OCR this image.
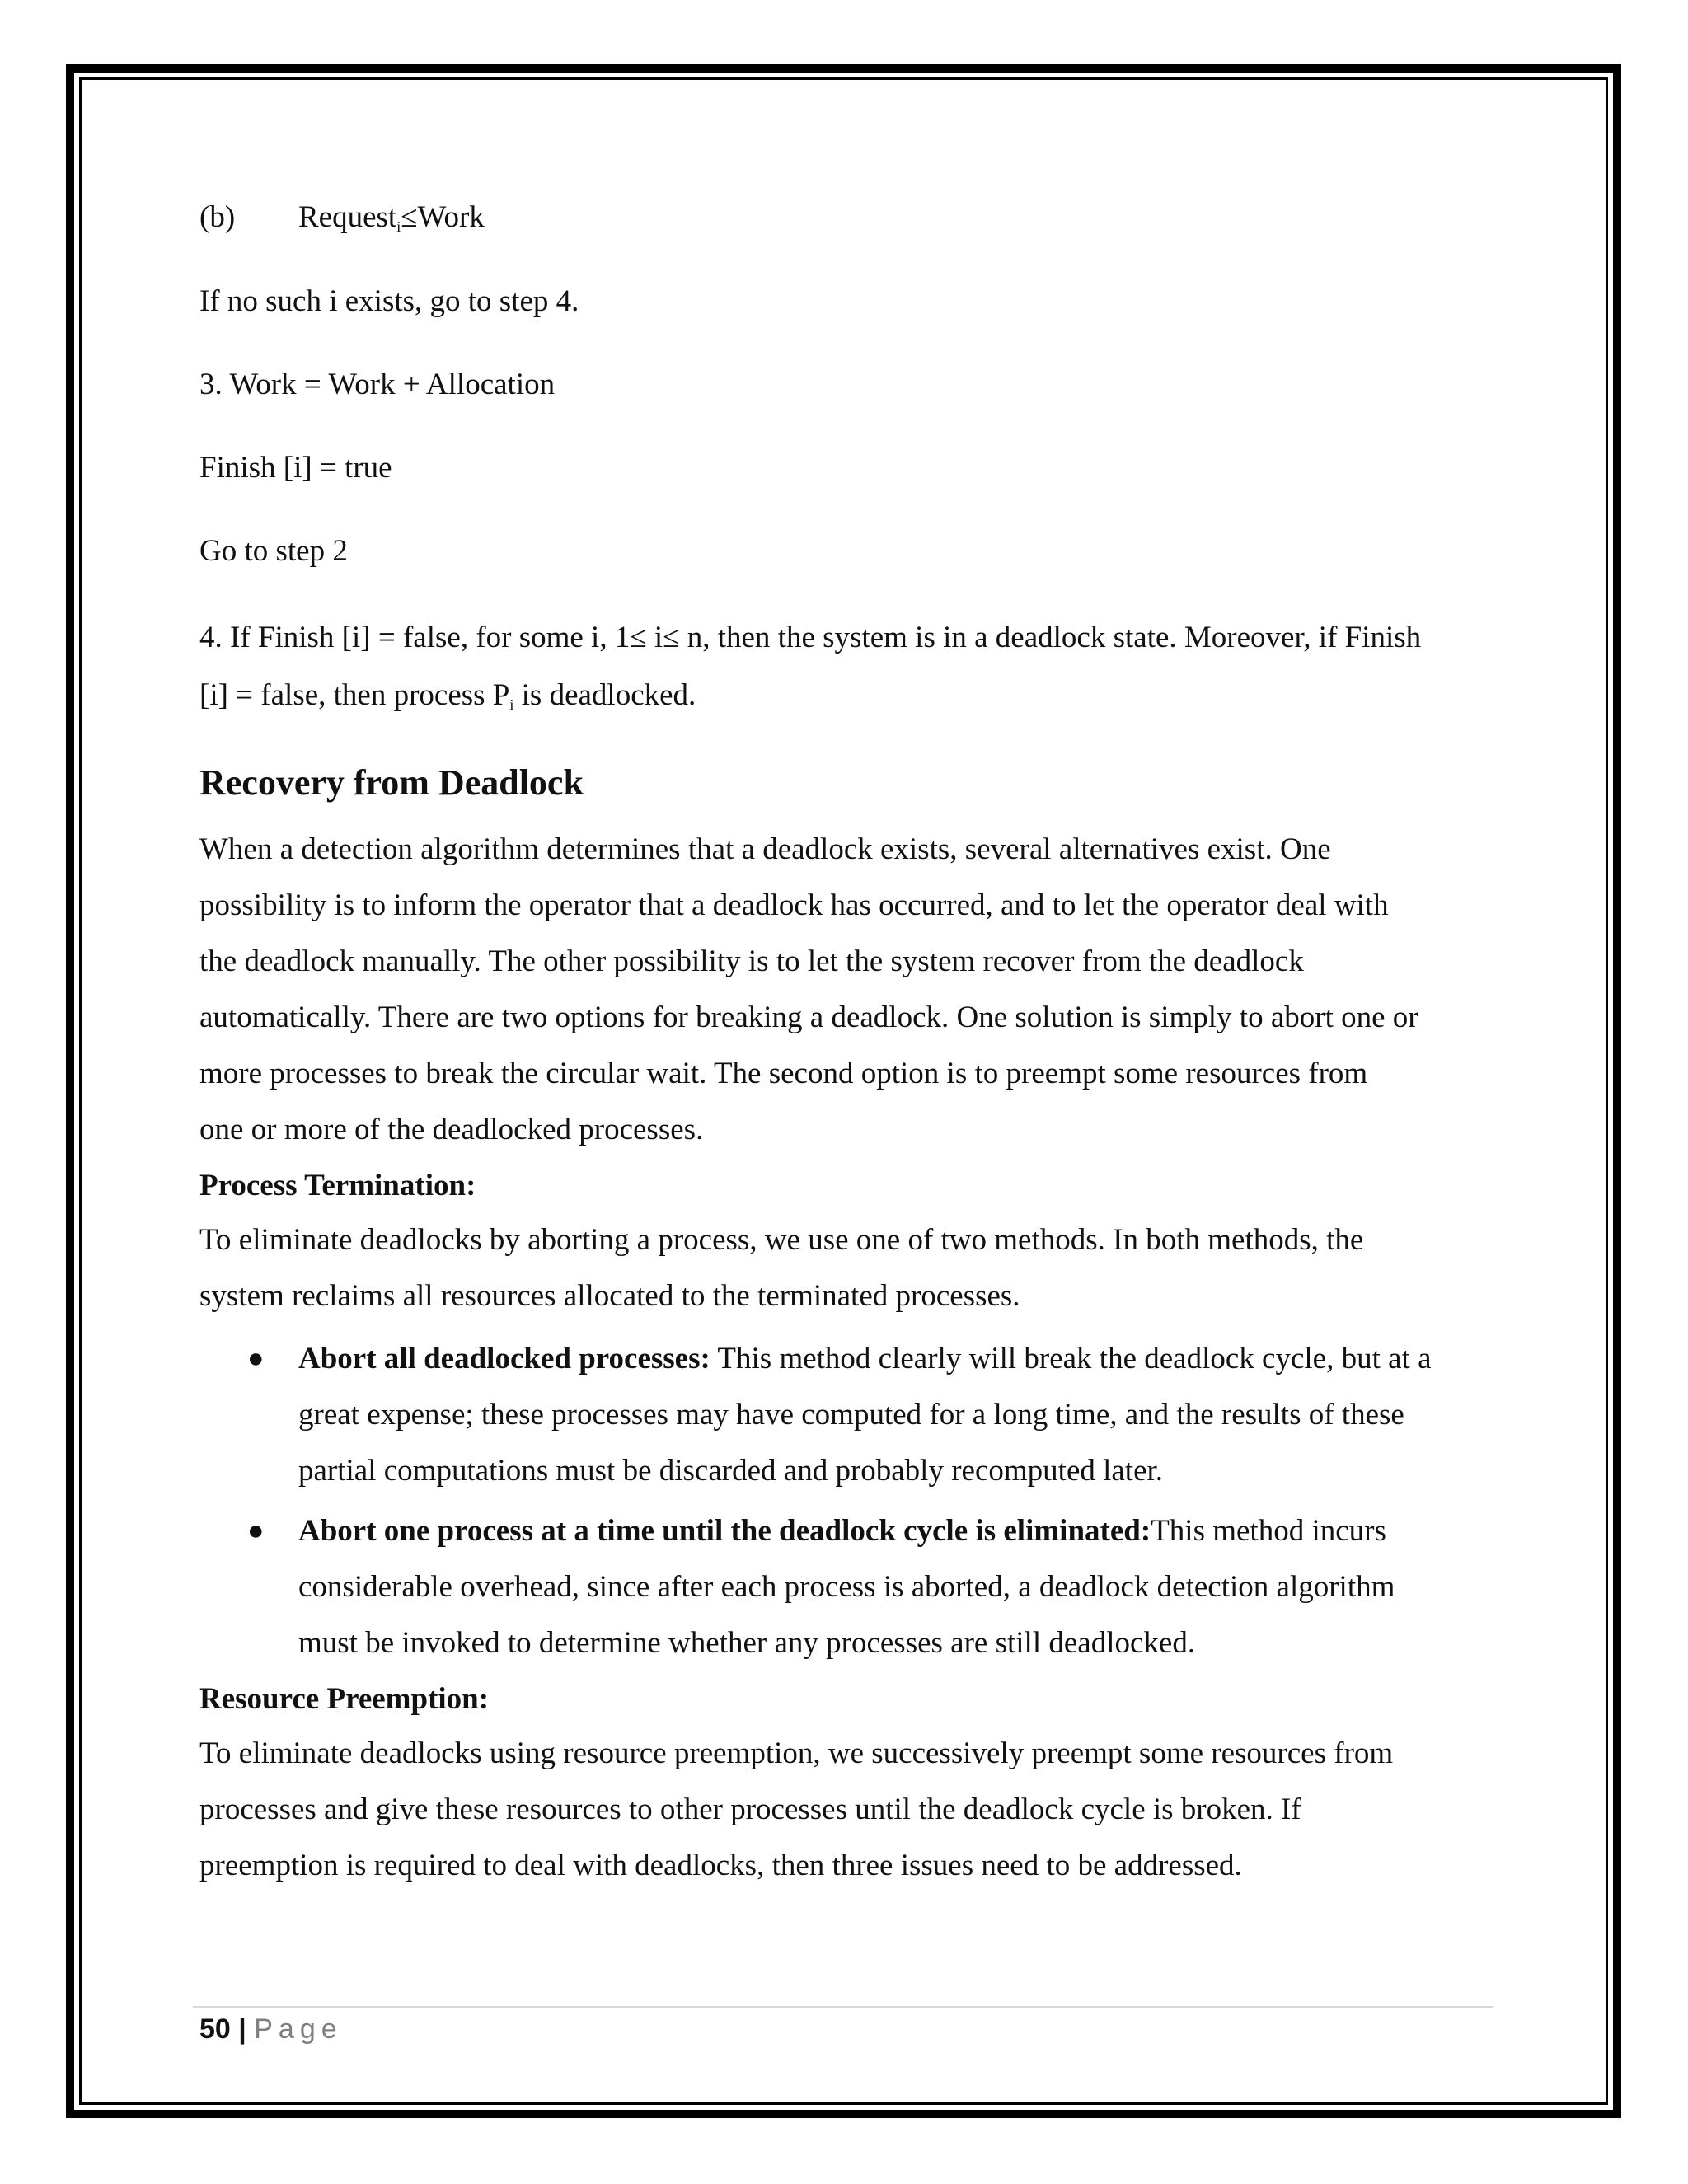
(b) Request$_i$≤Work
If no such i exists, go to step 4.
3. Work = Work + Allocation
Finish [i] = true
Go to step 2
4. If Finish [i] = false, for some i, 1≤ i≤ n, then the system is in a deadlock state. Moreover, if Finish
[i] = false, then process $P_i$ is deadlocked.
Recovery from Deadlock
When a detection algorithm determines that a deadlock exists, several alternatives exist. One
possibility is to inform the operator that a deadlock has occurred, and to let the operator deal with
the deadlock manually. The other possibility is to let the system recover from the deadlock
automatically. There are two options for breaking a deadlock. One solution is simply to abort one or
more processes to break the circular wait. The second option is to preempt some resources from
one or more of the deadlocked processes.
Process Termination:
To eliminate deadlocks by aborting a process, we use one of two methods. In both methods, the
system reclaims all resources allocated to the terminated processes.
● Abort all deadlocked processes: This method clearly will break the deadlock cycle, but at a
great expense; these processes may have computed for a long time, and the results of these
partial computations must be discarded and probably recomputed later.
● Abort one process at a time until the deadlock cycle is eliminated:This method incurs
considerable overhead, since after each process is aborted, a deadlock detection algorithm
must be invoked to determine whether any processes are still deadlocked.
Resource Preemption:
To eliminate deadlocks using resource preemption, we successively preempt some resources from
processes and give these resources to other processes until the deadlock cycle is broken. If
preemption is required to deal with deadlocks, then three issues need to be addressed.
50 | Page
